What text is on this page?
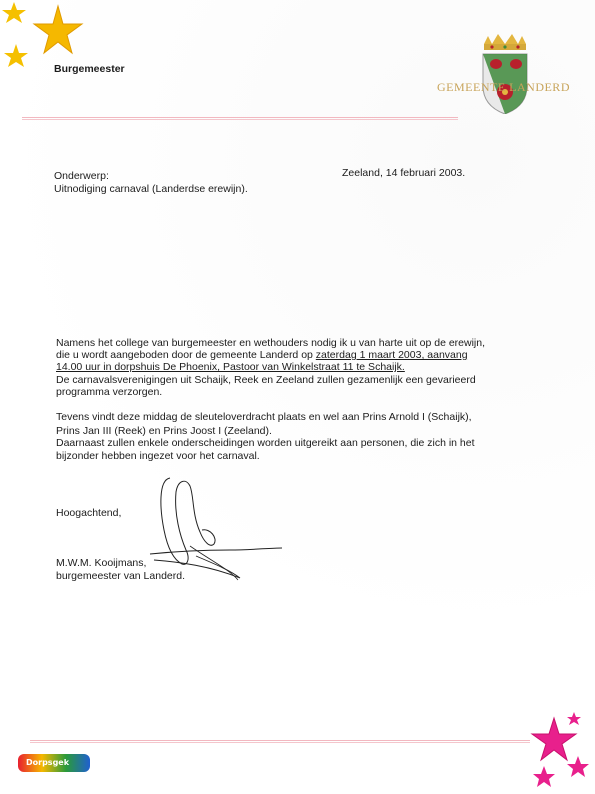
Burgemeester
GEMEENTE LANDERD
Onderwerp:
Uitnodiging carnaval (Landerdse erewijn).
Zeeland, 14 februari 2003.
Namens het college van burgemeester en wethouders nodig ik u van harte uit op de erewijn,
die u wordt aangeboden door de gemeente Landerd op zaterdag 1 maart 2003, aanvang
14.00 uur in dorpshuis De Phoenix, Pastoor van Winkelstraat 11 te Schaijk.
De carnavalsverenigingen uit Schaijk, Reek en Zeeland zullen gezamenlijk een gevarieerd
programma verzorgen.
Tevens vindt deze middag de sleuteloverdracht plaats en wel aan Prins Arnold I (Schaijk),
Prins Jan III (Reek) en Prins Joost I (Zeeland).
Daarnaast zullen enkele onderscheidingen worden uitgereikt aan personen, die zich in het
bijzonder hebben ingezet voor het carnaval.
Hoogachtend,
M.W.M. Kooijmans,
burgemeester van Landerd.
Dorpsgek
